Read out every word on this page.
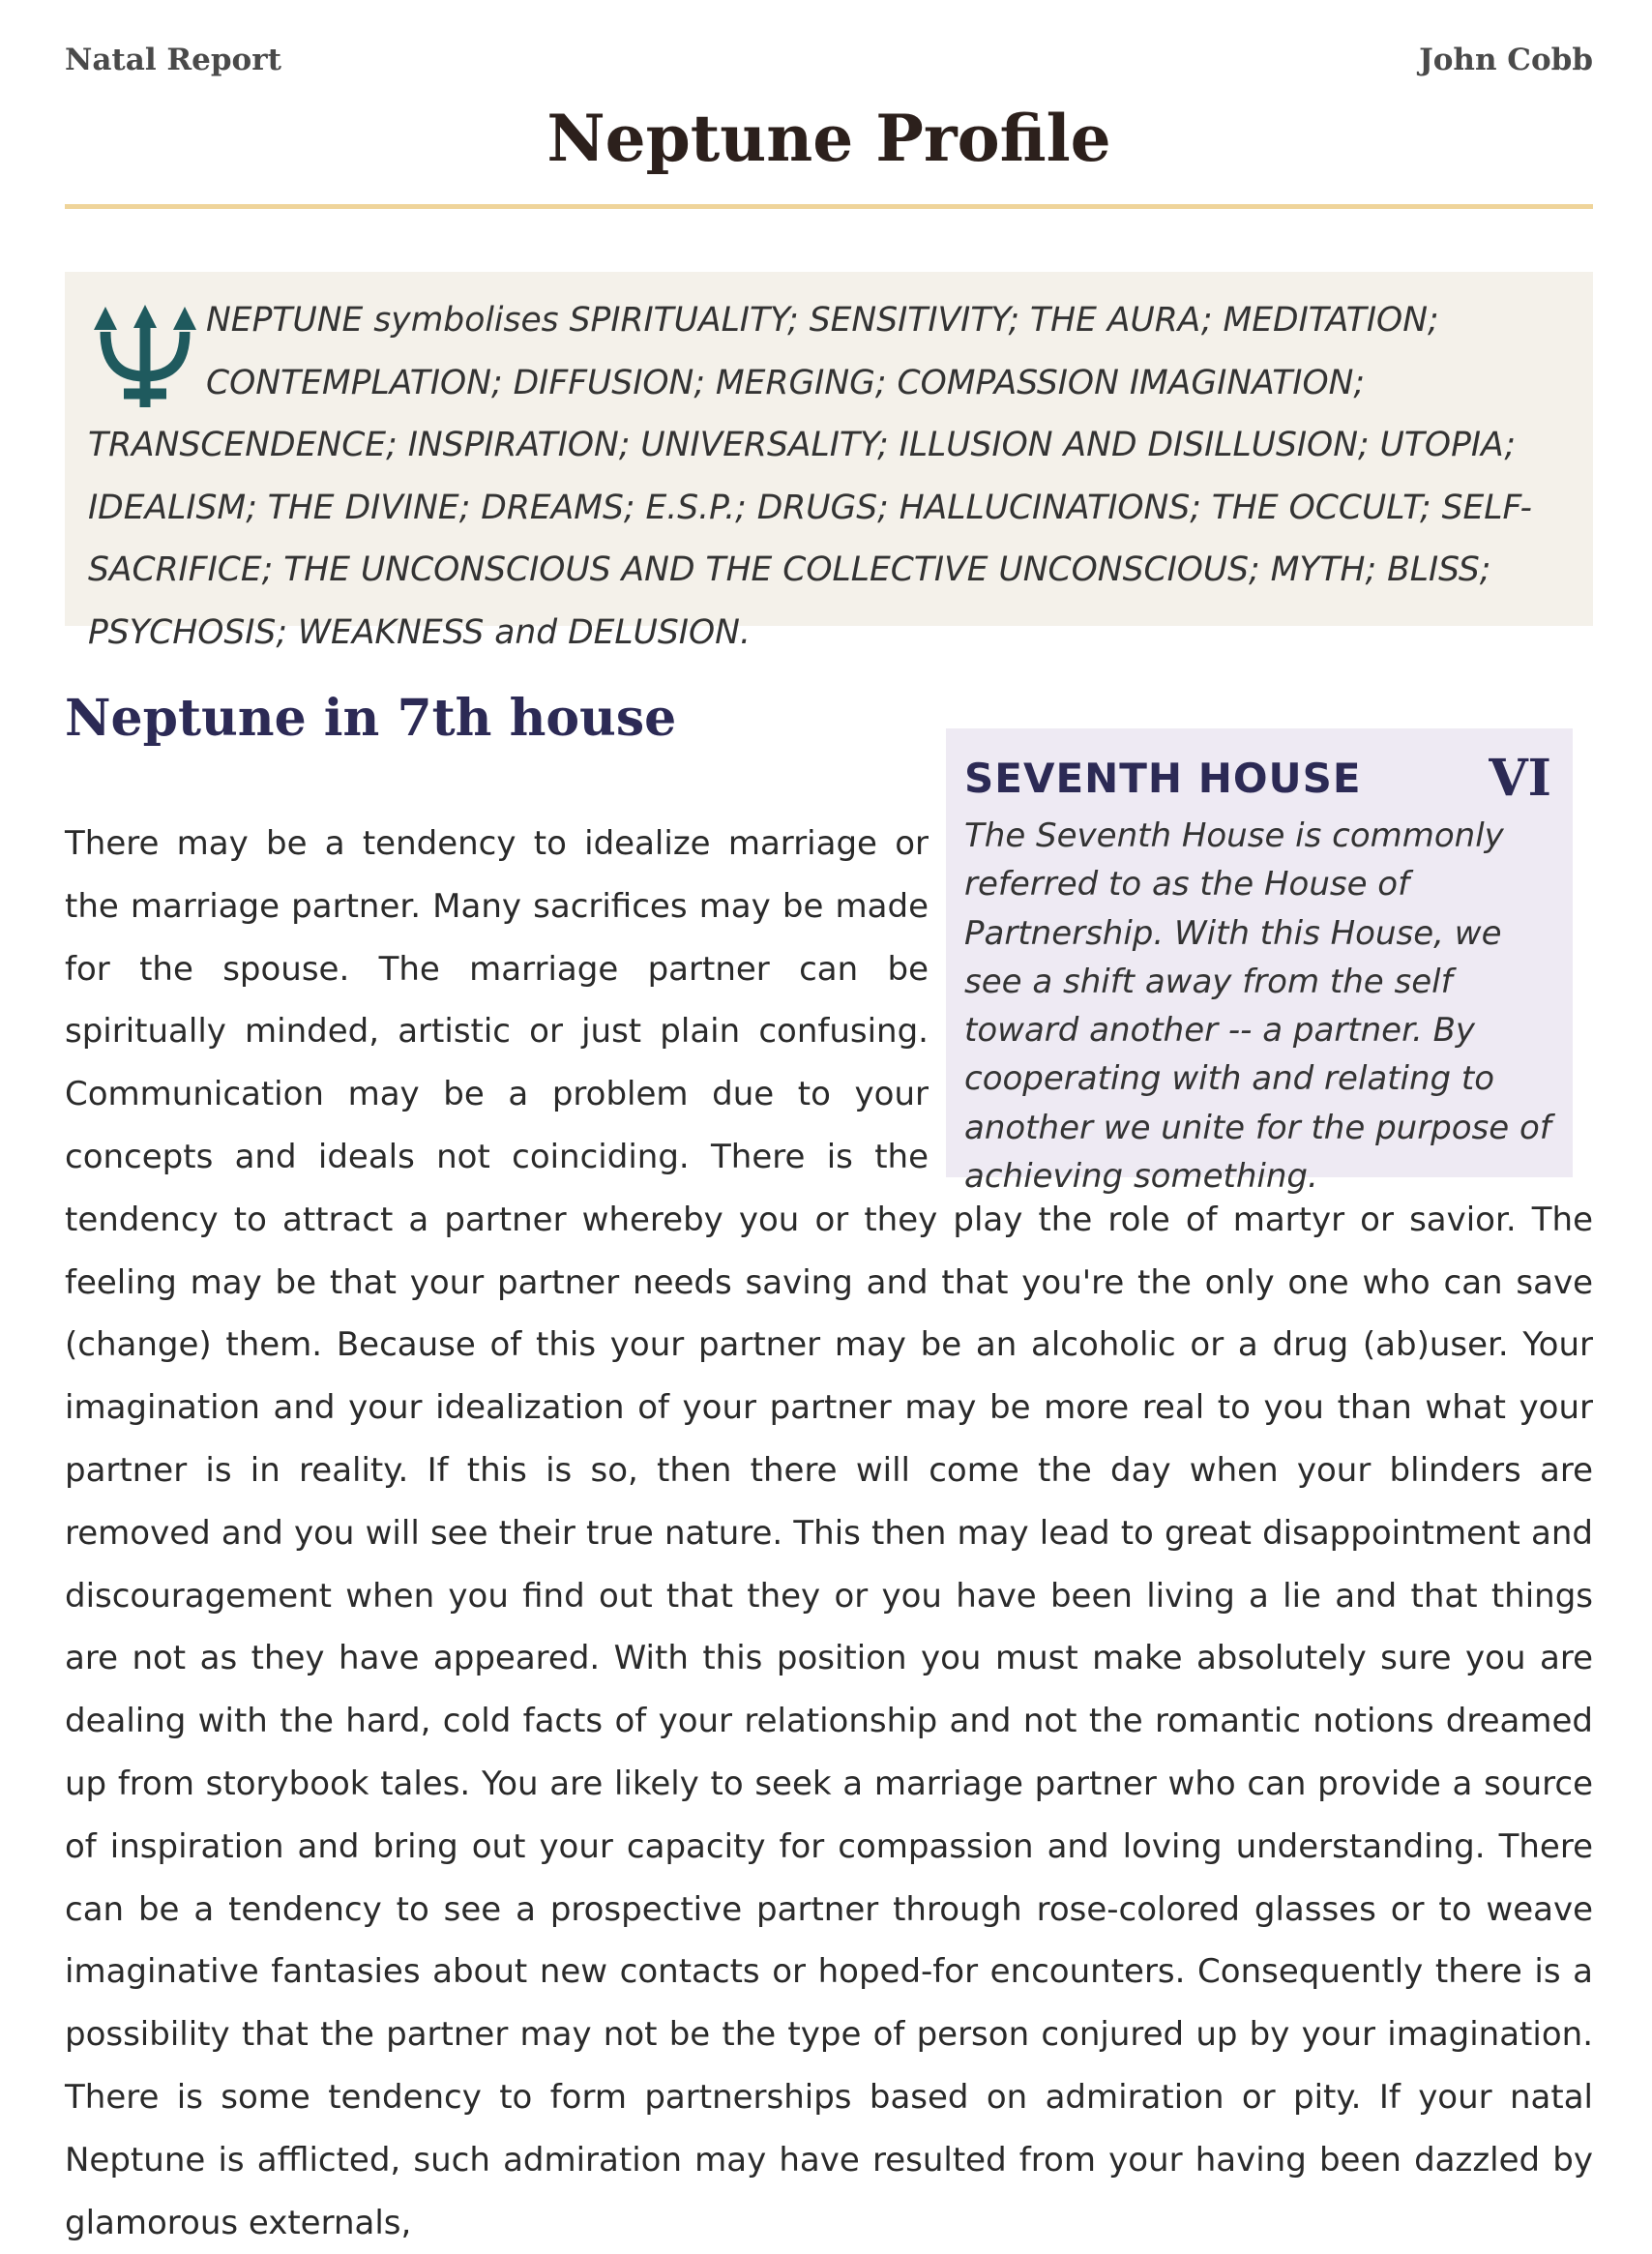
Natal Report	John Cobb
Neptune Profile

NEPTUNE symbolises SPIRITUALITY; SENSITIVITY; THE AURA; MEDITATION; CONTEMPLATION; DIFFUSION; MERGING; COMPASSION IMAGINATION; TRANSCENDENCE; INSPIRATION; UNIVERSALITY; ILLUSION AND DISILLUSION; UTOPIA; IDEALISM; THE DIVINE; DREAMS; E.S.P.; DRUGS; HALLUCINATIONS; THE OCCULT; SELF-SACRIFICE; THE UNCONSCIOUS AND THE COLLECTIVE UNCONSCIOUS; MYTH; BLISS; PSYCHOSIS; WEAKNESS and DELUSION.

Neptune in 7th house

There may be a tendency to idealize marriage or the marriage partner. Many sacrifices may be made for the spouse. The marriage partner can be spiritually minded, artistic or just plain confusing. Communication may be a problem due to your concepts and ideals not coinciding. There is the tendency to attract a partner whereby you or they play the role of martyr or savior. The feeling may be that your partner needs saving and that you're the only one who can save (change) them. Because of this your partner may be an alcoholic or a drug (ab)user. Your imagination and your idealization of your partner may be more real to you than what your partner is in reality. If this is so, then there will come the day when your blinders are removed and you will see their true nature. This then may lead to great disappointment and discouragement when you find out that they or you have been living a lie and that things are not as they have appeared. With this position you must make absolutely sure you are dealing with the hard, cold facts of your relationship and not the romantic notions dreamed up from storybook tales. You are likely to seek a marriage partner who can provide a source of inspiration and bring out your capacity for compassion and loving understanding. There can be a tendency to see a prospective partner through rose-colored glasses or to weave imaginative fantasies about new contacts or hoped-for encounters. Consequently there is a possibility that the partner may not be the type of person conjured up by your imagination. There is some tendency to form partnerships based on admiration or pity. If your natal Neptune is afflicted, such admiration may have resulted from your having been dazzled by glamorous externals,

SEVENTH HOUSE	VI

The Seventh House is commonly referred to as the House of Partnership. With this House, we see a shift away from the self toward another -- a partner. By cooperating with and relating to another we unite for the purpose of achieving something.
